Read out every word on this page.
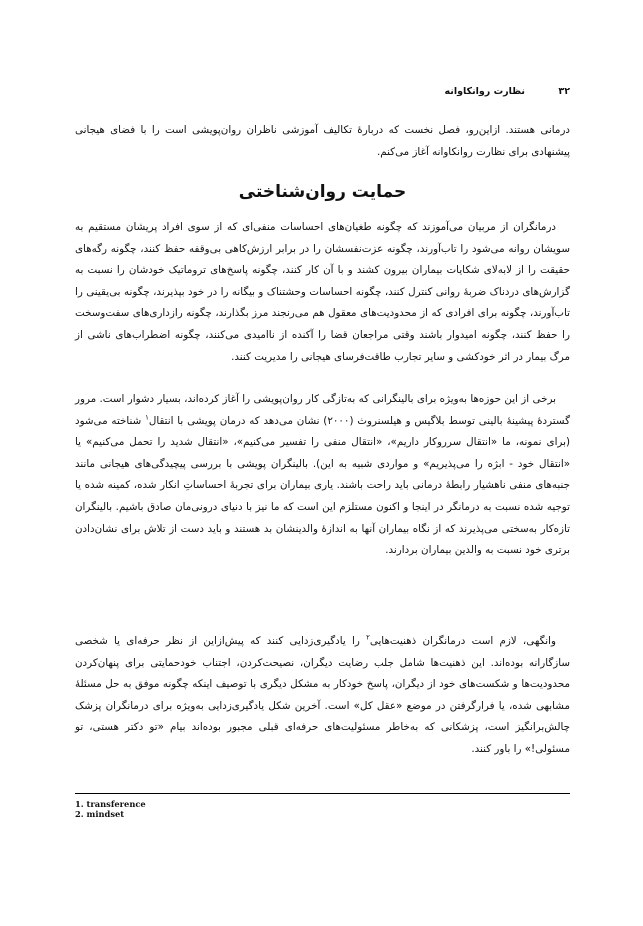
۳۲
نظارت روانکاوانه
درمانی هستند. ازاین‌رو، فصل نخست که دربارهٔ تکالیف آموزشی ناظران روان‌پویشی است را با فضای هیجانی پیشنهادی برای نظارت روانکاوانه آغاز می‌کنم.
حمایت روان‌شناختی
درمانگران از مربیان می‌آموزند که چگونه طغیان‌های احساسات منفی‌ای که از سوی افراد پریشان مستقیم به سویشان روانه می‌شود را تاب‌آورند، چگونه عزت‌نفسشان را در برابر ارزش‌کاهی بی‌وقفه حفظ کنند، چگونه رگه‌های حقیقت را از لابه‌لای شکایات بیماران بیرون کشند و با آن کار کنند، چگونه پاسخ‌های تروماتیک خودشان را نسبت به گزارش‌های دردناک ضربهٔ روانی کنترل کنند، چگونه احساسات وحشتناک و بیگانه را در خود بپذیرند، چگونه بی‌یقینی را تاب‌آورند، چگونه برای افرادی که از محدودیت‌های معقول هم می‌رنجند مرز بگذارند، چگونه رازداری‌های سفت‌وسخت را حفظ کنند، چگونه امیدوار باشند وقتی مراجعان قضا را آکنده از ناامیدی می‌کنند، چگونه اضطراب‌های ناشی از مرگ بیمار در اثر خودکشی و سایر تجارب طاقت‌فرسای هیجانی را مدیریت کنند.
برخی از این حوزه‌ها به‌ویژه برای بالینگرانی که به‌تازگی کار روان‌پویشی را آغاز کرده‌اند، بسیار دشوار است. مرور گستردهٔ پیشینهٔ بالینی توسط بلاگیس و هیلسنروث (۲۰۰۰) نشان می‌دهد که درمان پویشی با انتقال$^۱$ شناخته می‌شود (برای نمونه، ما «انتقال سرروکار داریم»، «انتقال منفی را تفسیر می‌کنیم»، «انتقال شدید را تحمل می‌کنیم» یا «انتقال خود - ابژه را می‌پذیریم» و مواردی شبیه به این). بالینگران پویشی با بررسی پیچیدگی‌های هیجانی مانند جنبه‌های منفی ناهشیار رابطهٔ درمانی باید راحت باشند. یاری بیماران برای تجربهٔ احساساتِ انکار شده، کمینه شده یا توجیه شده نسبت به درمانگر در اینجا و اکنون مستلزم این است که ما نیز با دنیای درونی‌مان صادق باشیم. بالینگران تازه‌کار به‌سختی می‌پذیرند که از نگاه بیماران آنها به اندازهٔ والدینشان بد هستند و باید دست از تلاش برای نشان‌دادن برتری خود نسبت به والدین بیماران بردارند.
وانگهی، لازم است درمانگران ذهنیت‌هایی$^۲$ را یادگیری‌زدایی کنند که پیش‌ازاین از نظر حرفه‌ای یا شخصی سازگارانه بوده‌اند. این ذهنیت‌ها شامل جلب رضایت دیگران، نصیحت‌کردن، اجتناب خودحمایتی برای پنهان‌کردن محدودیت‌ها و شکست‌های خود از دیگران، پاسخ خودکار به مشکل دیگری با توصیف اینکه چگونه موفق به حل مسئلهٔ مشابهی شده، یا فرارگرفتن در موضع «عقل کل» است. آخرین شکل یادگیری‌زدایی به‌ویژه برای درمانگران پزشک چالش‌برانگیز است، پزشکانی که به‌خاطر مسئولیت‌های حرفه‌ای قبلی مجبور بوده‌اند بیام «تو دکتر هستی، تو مسئولی!» را باور کنند.
1. transference
2. mindset
